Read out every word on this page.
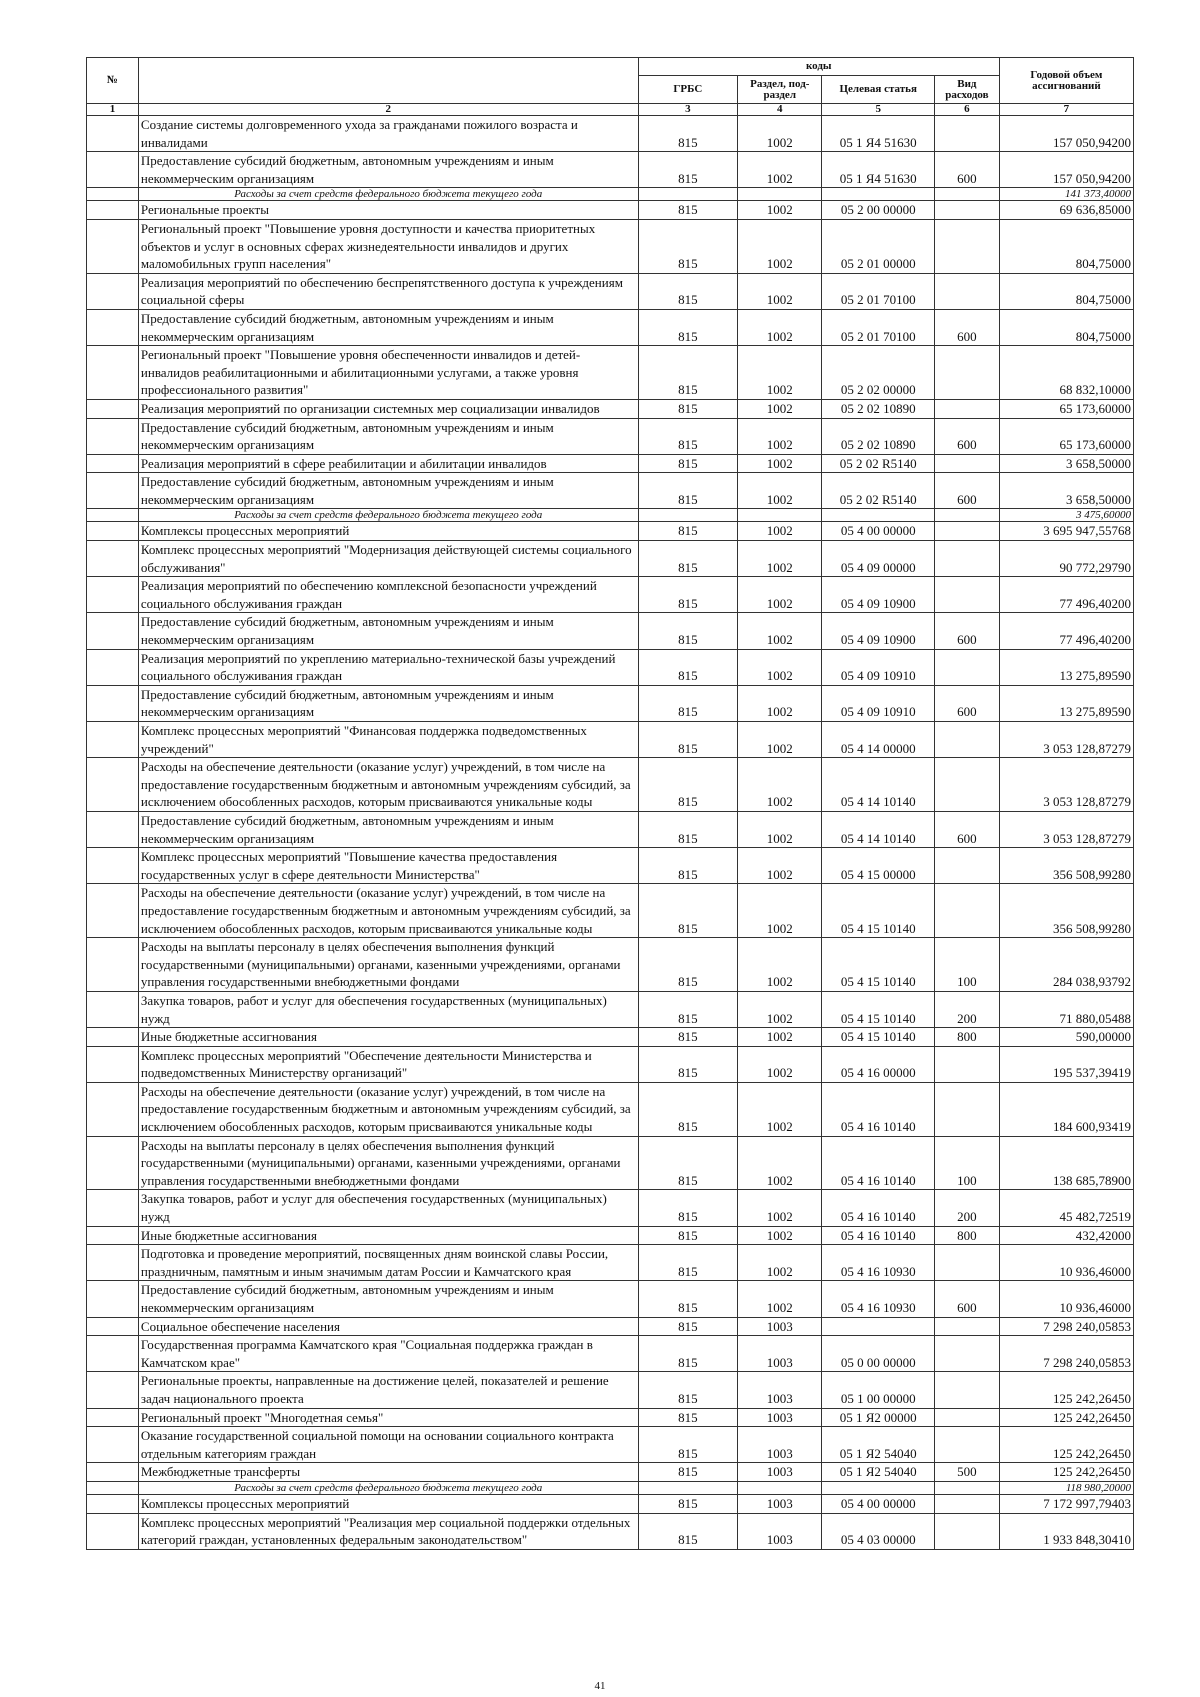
№		коды				Годовой объем ассигнований
		ГРБС	Раздел, под-раздел	Целевая статья	Вид расходов	
1	2	3	4	5	6	7
	Создание системы долговременного ухода за гражданами пожилого возраста и инвалидами	815	1002	05 1 Я4 51630		157 050,94200
	Предоставление субсидий бюджетным, автономным учреждениям и иным некоммерческим организациям	815	1002	05 1 Я4 51630	600	157 050,94200
	Расходы за счет средств федерального бюджета текущего года					141 373,40000
	Региональные проекты	815	1002	05 2 00 00000		69 636,85000
	Региональный проект "Повышение уровня доступности и качества приоритетных объектов и услуг в основных сферах жизнедеятельности инвалидов и других маломобильных групп населения"	815	1002	05 2 01 00000		804,75000
	Реализация мероприятий по обеспечению беспрепятственного доступа к учреждениям социальной сферы	815	1002	05 2 01 70100		804,75000
	Предоставление субсидий бюджетным, автономным учреждениям и иным некоммерческим организациям	815	1002	05 2 01 70100	600	804,75000
	Региональный проект "Повышение уровня обеспеченности инвалидов и детей-инвалидов реабилитационными и абилитационными услугами, а также уровня профессионального развития"	815	1002	05 2 02 00000		68 832,10000
	Реализация мероприятий по организации системных мер социализации инвалидов	815	1002	05 2 02 10890		65 173,60000
	Предоставление субсидий бюджетным, автономным учреждениям и иным некоммерческим организациям	815	1002	05 2 02 10890	600	65 173,60000
	Реализация мероприятий в сфере реабилитации и абилитации инвалидов	815	1002	05 2 02 R5140		3 658,50000
	Предоставление субсидий бюджетным, автономным учреждениям и иным некоммерческим организациям	815	1002	05 2 02 R5140	600	3 658,50000
	Расходы за счет средств федерального бюджета текущего года					3 475,60000
	Комплексы процессных мероприятий	815	1002	05 4 00 00000		3 695 947,55768
	Комплекс процессных мероприятий "Модернизация действующей системы социального обслуживания"	815	1002	05 4 09 00000		90 772,29790
	Реализация мероприятий по обеспечению комплексной безопасности учреждений социального обслуживания граждан	815	1002	05 4 09 10900		77 496,40200
	Предоставление субсидий бюджетным, автономным учреждениям и иным некоммерческим организациям	815	1002	05 4 09 10900	600	77 496,40200
	Реализация мероприятий по укреплению материально-технической базы учреждений социального обслуживания граждан	815	1002	05 4 09 10910		13 275,89590
	Предоставление субсидий бюджетным, автономным учреждениям и иным некоммерческим организациям	815	1002	05 4 09 10910	600	13 275,89590
	Комплекс процессных мероприятий "Финансовая поддержка подведомственных учреждений"	815	1002	05 4 14 00000		3 053 128,87279
	Расходы на обеспечение деятельности (оказание услуг) учреждений, в том числе на предоставление государственным бюджетным и автономным учреждениям субсидий, за исключением обособленных расходов, которым присваиваются уникальные коды	815	1002	05 4 14 10140		3 053 128,87279
	Предоставление субсидий бюджетным, автономным учреждениям и иным некоммерческим организациям	815	1002	05 4 14 10140	600	3 053 128,87279
	Комплекс процессных мероприятий "Повышение качества предоставления государственных услуг в сфере деятельности Министерства"	815	1002	05 4 15 00000		356 508,99280
	Расходы на обеспечение деятельности (оказание услуг) учреждений, в том числе на предоставление государственным бюджетным и автономным учреждениям субсидий, за исключением обособленных расходов, которым присваиваются уникальные коды	815	1002	05 4 15 10140		356 508,99280
	Расходы на выплаты персоналу в целях обеспечения выполнения функций государственными (муниципальными) органами, казенными учреждениями, органами управления государственными внебюджетными фондами	815	1002	05 4 15 10140	100	284 038,93792
	Закупка товаров, работ и услуг для обеспечения государственных (муниципальных) нужд	815	1002	05 4 15 10140	200	71 880,05488
	Иные бюджетные ассигнования	815	1002	05 4 15 10140	800	590,00000
	Комплекс процессных мероприятий "Обеспечение деятельности Министерства и подведомственных Министерству организаций"	815	1002	05 4 16 00000		195 537,39419
	Расходы на обеспечение деятельности (оказание услуг) учреждений, в том числе на предоставление государственным бюджетным и автономным учреждениям субсидий, за исключением обособленных расходов, которым присваиваются уникальные коды	815	1002	05 4 16 10140		184 600,93419
	Расходы на выплаты персоналу в целях обеспечения выполнения функций государственными (муниципальными) органами, казенными учреждениями, органами управления государственными внебюджетными фондами	815	1002	05 4 16 10140	100	138 685,78900
	Закупка товаров, работ и услуг для обеспечения государственных (муниципальных) нужд	815	1002	05 4 16 10140	200	45 482,72519
	Иные бюджетные ассигнования	815	1002	05 4 16 10140	800	432,42000
	Подготовка и проведение мероприятий, посвященных дням воинской славы России, праздничным, памятным и иным значимым датам России и Камчатского края	815	1002	05 4 16 10930		10 936,46000
	Предоставление субсидий бюджетным, автономным учреждениям и иным некоммерческим организациям	815	1002	05 4 16 10930	600	10 936,46000
	Социальное обеспечение населения	815	1003			7 298 240,05853
	Государственная программа Камчатского края "Социальная поддержка граждан в Камчатском крае"	815	1003	05 0 00 00000		7 298 240,05853
	Региональные проекты, направленные на достижение целей, показателей и решение задач национального проекта	815	1003	05 1 00 00000		125 242,26450
	Региональный проект "Многодетная семья"	815	1003	05 1 Я2 00000		125 242,26450
	Оказание государственной социальной помощи на основании социального контракта отдельным категориям граждан	815	1003	05 1 Я2 54040		125 242,26450
	Межбюджетные трансферты	815	1003	05 1 Я2 54040	500	125 242,26450
	Расходы за счет средств федерального бюджета текущего года					118 980,20000
	Комплексы процессных мероприятий	815	1003	05 4 00 00000		7 172 997,79403
	Комплекс процессных мероприятий "Реализация мер социальной поддержки отдельных категорий граждан, установленных федеральным законодательством"	815	1003	05 4 03 00000		1 933 848,30410
41
